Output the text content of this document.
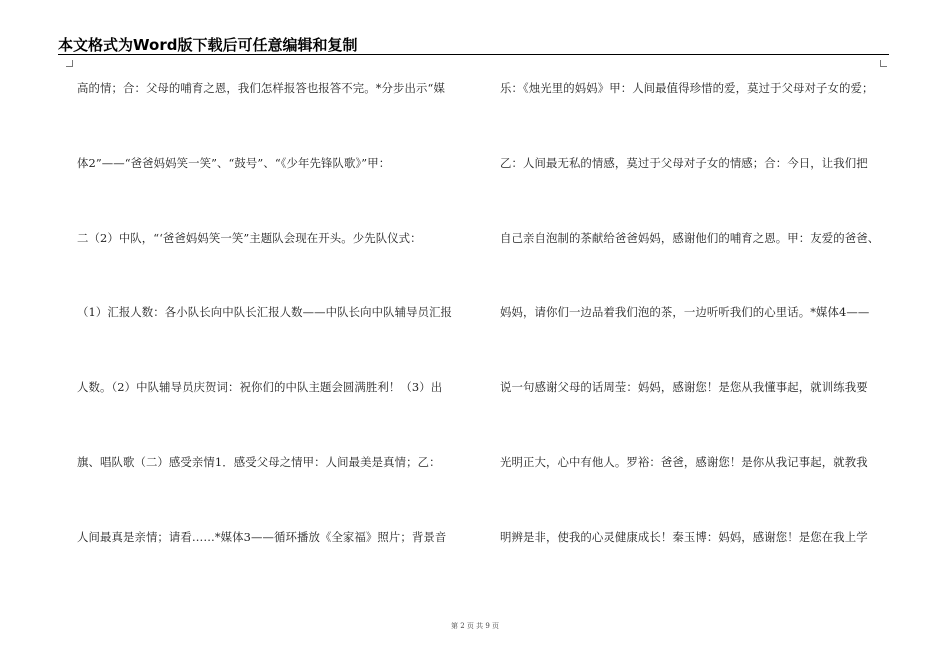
本文格式为Word版下载后可任意编辑和复制
高的情；合：父母的哺育之恩，我们怎样报答也报答不完。*分步出示“媒
体2”——“爸爸妈妈笑一笑”、“鼓号”、“《少年先锋队歌》”甲：
二（2）中队，“‘爸爸妈妈笑一笑”主题队会现在开头。少先队仪式：
（1）汇报人数：各小队长向中队长汇报人数——中队长向中队辅导员汇报
人数。（2）中队辅导员庆贺词：祝你们的中队主题会圆满胜利！（3）出
旗、唱队歌（二）感受亲情1．感受父母之情甲：人间最美是真情；乙：
人间最真是亲情；请看……*媒体3——循环播放《全家福》照片；背景音
乐：《烛光里的妈妈》甲：人间最值得珍惜的爱，莫过于父母对子女的爱；
乙：人间最无私的情感，莫过于父母对子女的情感；合：今日，让我们把
自己亲自泡制的茶献给爸爸妈妈，感谢他们的哺育之恩。甲：友爱的爸爸、
妈妈，请你们一边品着我们泡的茶，一边听听我们的心里话。*媒体4——
说一句感谢父母的话周莹：妈妈，感谢您！是您从我懂事起，就训练我要
光明正大，心中有他人。罗裕：爸爸，感谢您！是你从我记事起，就教我
明辨是非，使我的心灵健康成长！秦玉博：妈妈，感谢您！是您在我上学
第 2 页 共 9 页
